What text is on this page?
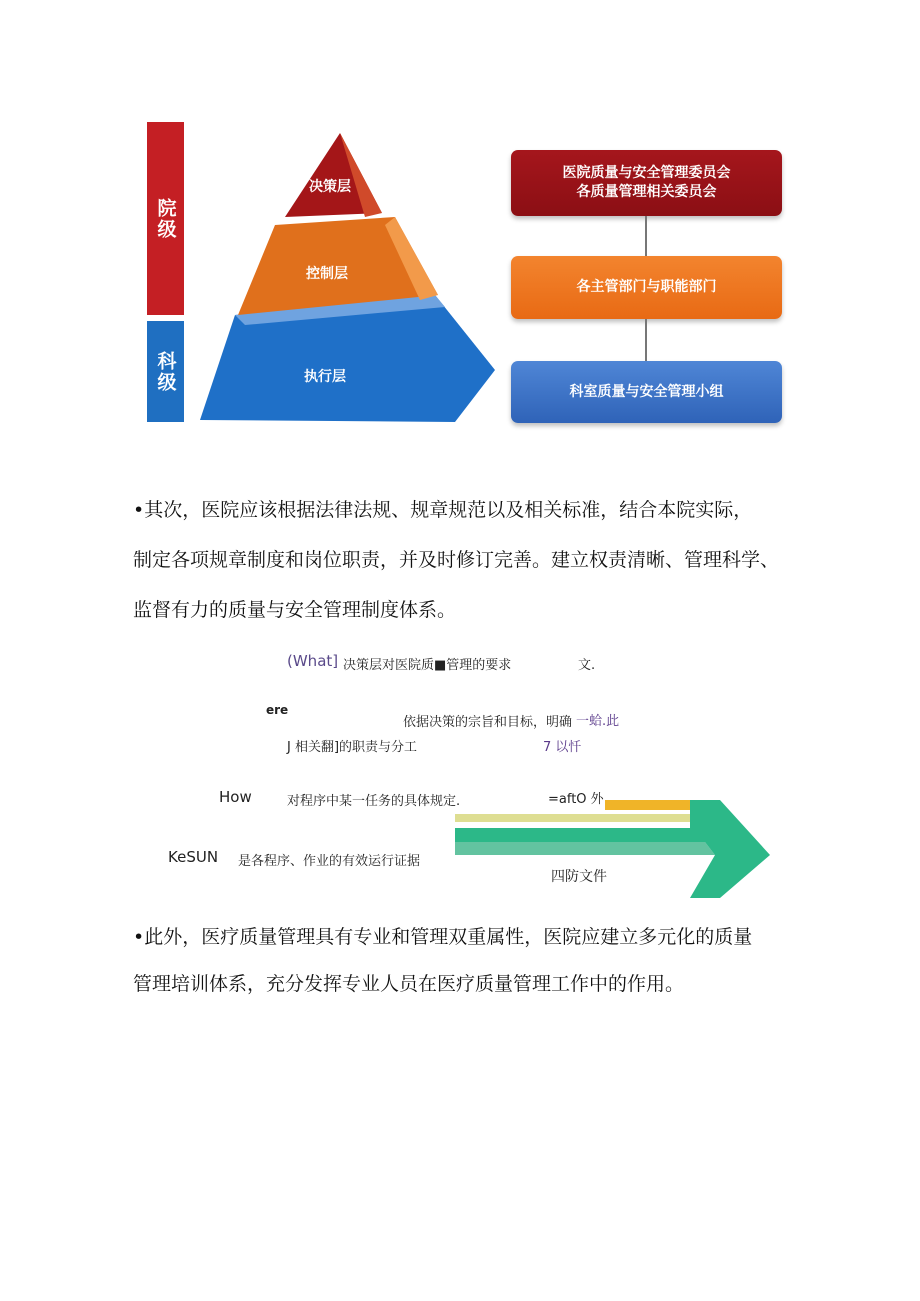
院级
科级
决策层
控制层
执行层
医院质量与安全管理委员会
各质量管理相关委员会
各主管部门与职能部门
科室质量与安全管理小组
•其次，医院应该根据法律法规、规章规范以及相关标准，结合本院实际，
制定各项规章制度和岗位职责，并及时修订完善。建立权责清晰、管理科学、
监督有力的质量与安全管理制度体系。
(What] 决策层对医院质■管理的要求	文.
ere
依据决策的宗旨和目标，明确 一蛤.此
J 相关翻]的职责与分工	7 以忏
How	对程序中某一任务的具体规定.	=aftO 外
KeSUN 是各程序、作业的有效运行证据
四防文件
•此外，医疗质量管理具有专业和管理双重属性，医院应建立多元化的质量
管理培训体系，充分发挥专业人员在医疗质量管理工作中的作用。
